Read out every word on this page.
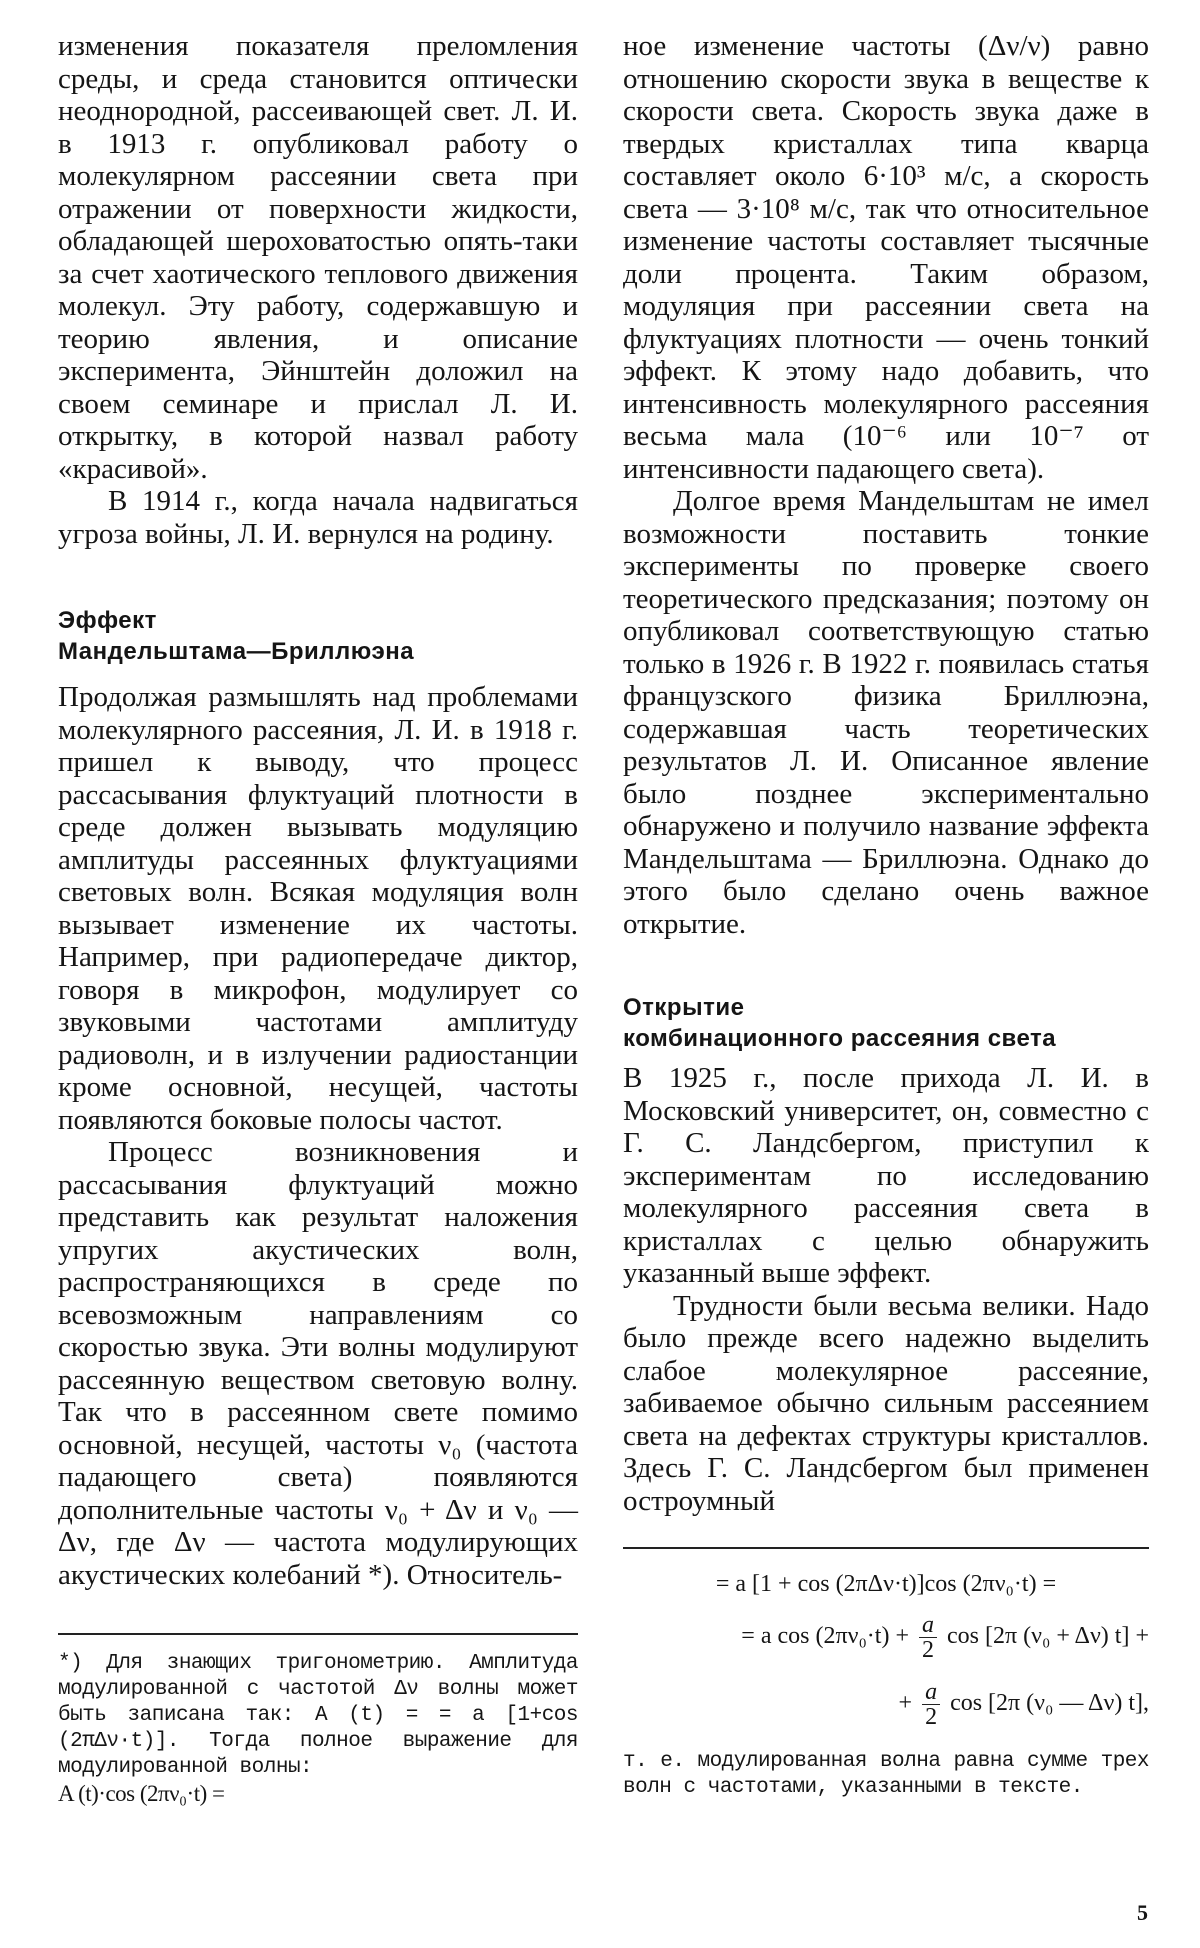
изменения показателя преломления среды, и среда становится оптически неоднородной, рассеивающей свет. Л. И. в 1913 г. опубликовал работу о молекулярном рассеянии света при отражении от поверхности жидкости, обладающей шероховатостью опять-таки за счет хаотического теплового движения молекул. Эту работу, содержавшую и теорию явления, и описание эксперимента, Эйнштейн доложил на своем семинаре и прислал Л. И. открытку, в которой назвал работу «красивой».

В 1914 г., когда начала надвигаться угроза войны, Л. И. вернулся на родину.

Эффект

Мандельштама—Бриллюэна

Продолжая размышлять над проблемами молекулярного рассеяния, Л. И. в 1918 г. пришел к выводу, что процесс рассасывания флуктуаций плотности в среде должен вызывать модуляцию амплитуды рассеянных флуктуациями световых волн. Всякая модуляция волн вызывает изменение их частоты. Например, при радиопередаче диктор, говоря в микрофон, модулирует со звуковыми частотами амплитуду радиоволн, и в излучении радиостанции кроме основной, несущей, частоты появляются боковые полосы частот.

Процесс возникновения и рассасывания флуктуаций можно представить как результат наложения упругих акустических волн, распространяющихся в среде по всевозможным направлениям со скоростью звука. Эти волны модулируют рассеянную веществом световую волну. Так что в рассеянном свете помимо основной, несущей, частоты ν₀ (частота падающего света) появляются дополнительные частоты ν₀ + Δν и ν₀ — Δν, где Δν — частота модулирующих акустических колебаний *). Относитель-

*) Для знающих тригонометрию. Амплитуда модулированной с частотой Δν волны может быть записана так: A (t) = = a [1+cos (2πΔν·t)]. Тогда полное выражение для модулированной волны:

A (t)·cos (2πν₀·t) =

ное изменение частоты (Δν/ν) равно отношению скорости звука в веществе к скорости света. Скорость звука даже в твердых кристаллах типа кварца составляет около 6·10³ м/с, а скорость света — 3·10⁸ м/с, так что относительное изменение частоты составляет тысячные доли процента. Таким образом, модуляция при рассеянии света на флуктуациях плотности — очень тонкий эффект. К этому надо добавить, что интенсивность молекулярного рассеяния весьма мала (10⁻⁶ или 10⁻⁷ от интенсивности падающего света).

Долгое время Мандельштам не имел возможности поставить тонкие эксперименты по проверке своего теоретического предсказания; поэтому он опубликовал соответствующую статью только в 1926 г. В 1922 г. появилась статья французского физика Бриллюэна, содержавшая часть теоретических результатов Л. И. Описанное явление было позднее экспериментально обнаружено и получило название эффекта Мандельштама — Бриллюэна. Однако до этого было сделано очень важное открытие.

Открытие

комбинационного рассеяния света

В 1925 г., после прихода Л. И. в Московский университет, он, совместно с Г. С. Ландсбергом, приступил к экспериментам по исследованию молекулярного рассеяния света в кристаллах с целью обнаружить указанный выше эффект.

Трудности были весьма велики. Надо было прежде всего надежно выделить слабое молекулярное рассеяние, забиваемое обычно сильным рассеянием света на дефектах структуры кристаллов. Здесь Г. С. Ландсбергом был применен остроумный

= a [1 + cos (2πΔν·t)]cos (2πν₀·t) =

= a $\cos (2\pi\nu_0\cdot t) + \frac{a}{2}$ cos [2π (ν₀ + Δν) t] +

+ $\frac{a}{2}$ cos [2π (ν₀ — Δν) t],

т. е. модулированная волна равна сумме трех волн с частотами, указанными в тексте.

5
